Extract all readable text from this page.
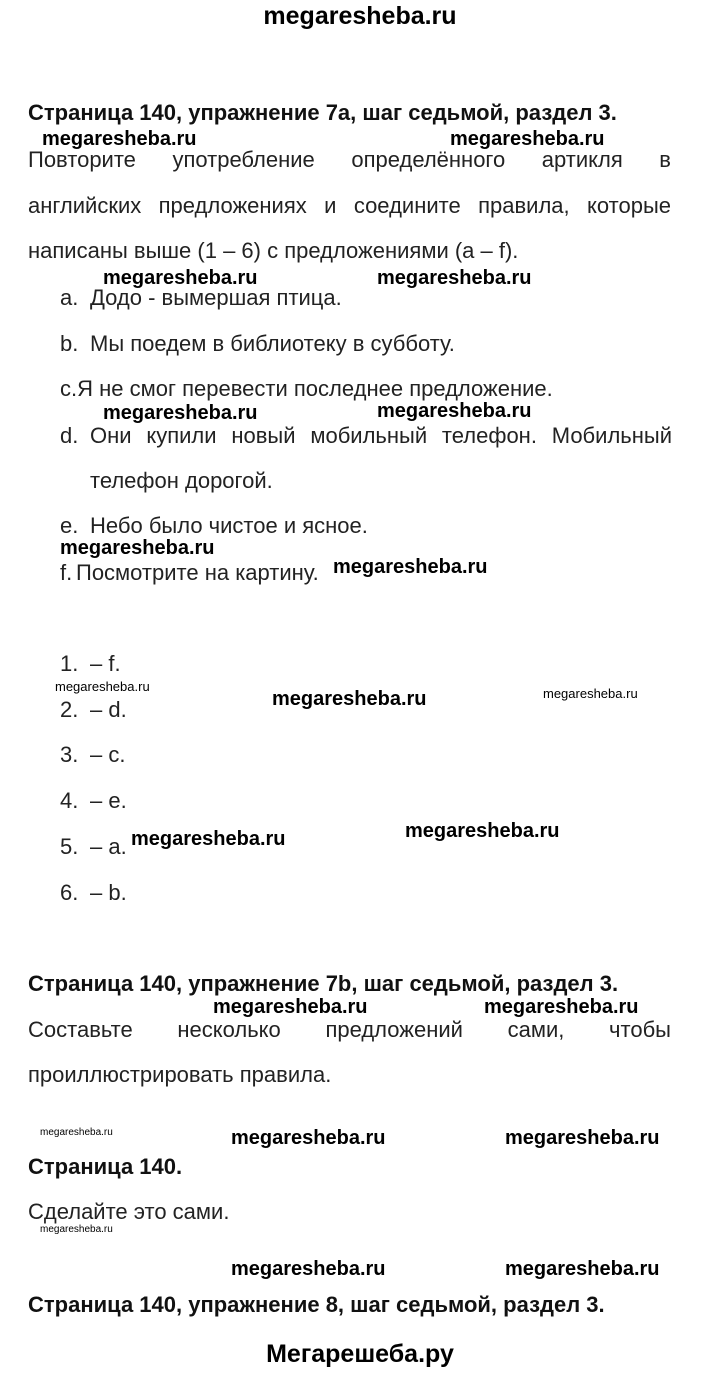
megaresheba.ru
Страница 140, упражнение 7a, шаг седьмой, раздел 3.
megaresheba.ru	megaresheba.ru
Повторите употребление определённого артикля в
английских предложениях и соедините правила, которые
написаны выше (1 – 6) с предложениями (a – f).
megaresheba.ru	megaresheba.ru
a. Додо - вымершая птица.
b. Мы поедем в библиотеку в субботу.
c.Я не смог перевести последнее предложение.
megaresheba.ru	megaresheba.ru
d. Они купили новый мобильный телефон. Мобильный
телефон дорогой.
e. Небо было чистое и ясное.
megaresheba.ru
f. Посмотрите на картину. megaresheba.ru
1. – f.
megaresheba.ru
megaresheba.ru	megaresheba.ru
2. – d.
3. – c.
4. – e.
megaresheba.ru
5. – a. megaresheba.ru
6. – b.
Страница 140, упражнение 7b, шаг седьмой, раздел 3.
megaresheba.ru	megaresheba.ru
Составьте несколько предложений сами, чтобы
проиллюстрировать правила.
megaresheba.ru	megaresheba.ru	megaresheba.ru
Страница 140.
Сделайте это сами.
megaresheba.ru
megaresheba.ru	megaresheba.ru
Страница 140, упражнение 8, шаг седьмой, раздел 3.
Мегарешеба.ру
